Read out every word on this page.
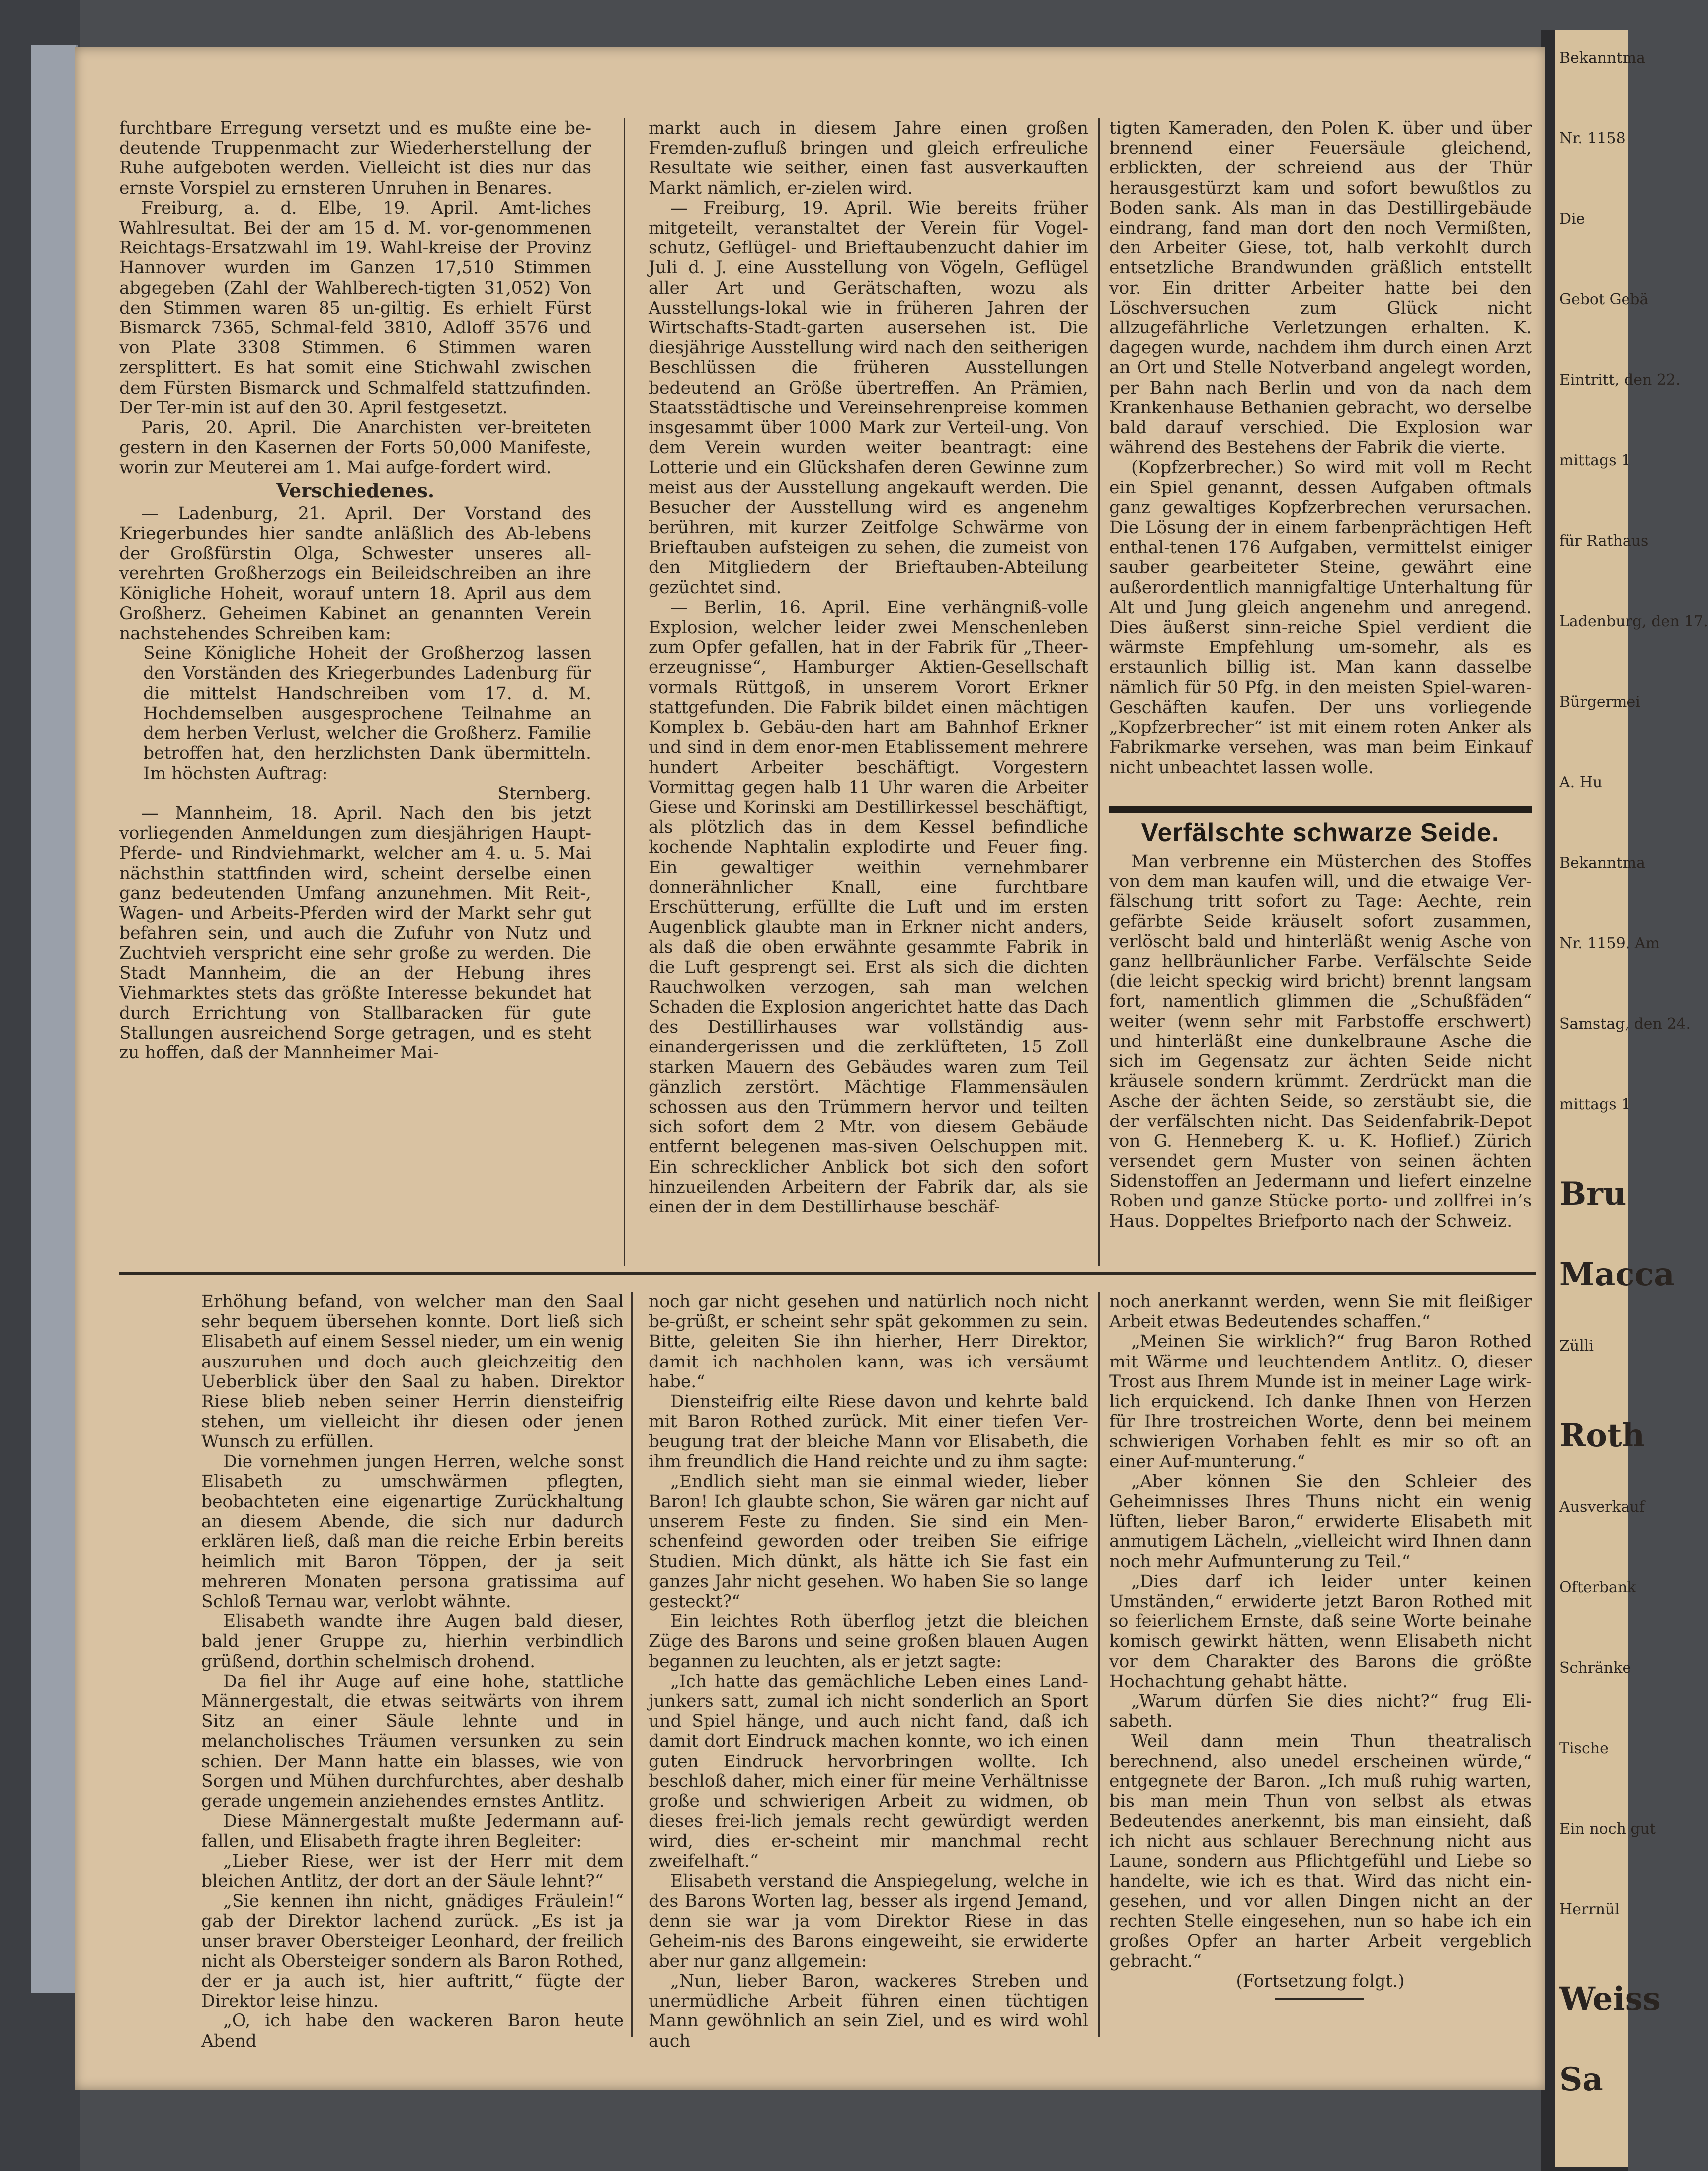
furchtbare Erregung versetzt und es mußte eine be-deutende Truppenmacht zur Wiederherstellung der Ruhe aufgeboten werden. Vielleicht ist dies nur das ernste Vorspiel zu ernsteren Unruhen in Benares.

Freiburg, a. d. Elbe, 19. April. Amt-liches Wahlresultat. Bei der am 15 d. M. vor-genommenen Reichtags-Ersatzwahl im 19. Wahl-kreise der Provinz Hannover wurden im Ganzen 17,510 Stimmen abgegeben (Zahl der Wahlberech-tigten 31,052) Von den Stimmen waren 85 un-giltig. Es erhielt Fürst Bismarck 7365, Schmal-feld 3810, Adloff 3576 und von Plate 3308 Stimmen. 6 Stimmen waren zersplittert. Es hat somit eine Stichwahl zwischen dem Fürsten Bismarck und Schmalfeld stattzufinden. Der Ter-min ist auf den 30. April festgesetzt.

Paris, 20. April. Die Anarchisten ver-breiteten gestern in den Kasernen der Forts 50,000 Manifeste, worin zur Meuterei am 1. Mai aufge-fordert wird.

Verschiedenes.

— Ladenburg, 21. April. Der Vorstand des Kriegerbundes hier sandte anläßlich des Ab-lebens der Großfürstin Olga, Schwester unseres all-verehrten Großherzogs ein Beileidschreiben an ihre Königliche Hoheit, worauf untern 18. April aus dem Großherz. Geheimen Kabinet an genannten Verein nachstehendes Schreiben kam:

Seine Königliche Hoheit der Großherzog lassen den Vorständen des Kriegerbundes Ladenburg für die mittelst Handschreiben vom 17. d. M. Hochdemselben ausgesprochene Teilnahme an dem herben Verlust, welcher die Großherz. Familie betroffen hat, den herzlichsten Dank übermitteln. Im höchsten Auftrag:

Sternberg.

— Mannheim, 18. April. Nach den bis jetzt vorliegenden Anmeldungen zum diesjährigen Haupt-Pferde- und Rindviehmarkt, welcher am 4. u. 5. Mai nächsthin stattfinden wird, scheint derselbe einen ganz bedeutenden Umfang anzunehmen. Mit Reit-, Wagen- und Arbeits-Pferden wird der Markt sehr gut befahren sein, und auch die Zufuhr von Nutz und Zuchtvieh verspricht eine sehr große zu werden. Die Stadt Mannheim, die an der Hebung ihres Viehmarktes stets das größte Interesse bekundet hat durch Errichtung von Stallbaracken für gute Stallungen ausreichend Sorge getragen, und es steht zu hoffen, daß der Mannheimer Mai-

markt auch in diesem Jahre einen großen Fremden-zufluß bringen und gleich erfreuliche Resultate wie seither, einen fast ausverkauften Markt nämlich, er-zielen wird.

— Freiburg, 19. April. Wie bereits früher mitgeteilt, veranstaltet der Verein für Vogel-schutz, Geflügel- und Brieftaubenzucht dahier im Juli d. J. eine Ausstellung von Vögeln, Geflügel aller Art und Gerätschaften, wozu als Ausstellungs-lokal wie in früheren Jahren der Wirtschafts-Stadt-garten ausersehen ist. Die diesjährige Ausstellung wird nach den seitherigen Beschlüssen die früheren Ausstellungen bedeutend an Größe übertreffen. An Prämien, Staatsstädtische und Vereinsehrenpreise kommen insgesammt über 1000 Mark zur Verteil-ung. Von dem Verein wurden weiter beantragt: eine Lotterie und ein Glückshafen deren Gewinne zum meist aus der Ausstellung angekauft werden. Die Besucher der Ausstellung wird es angenehm berühren, mit kurzer Zeitfolge Schwärme von Brieftauben aufsteigen zu sehen, die zumeist von den Mitgliedern der Brieftauben-Abteilung gezüchtet sind.

— Berlin, 16. April. Eine verhängniß-volle Explosion, welcher leider zwei Menschenleben zum Opfer gefallen, hat in der Fabrik für „Theer-erzeugnisse“, Hamburger Aktien-Gesellschaft vormals Rüttgoß, in unserem Vorort Erkner stattgefunden. Die Fabrik bildet einen mächtigen Komplex b. Gebäu-den hart am Bahnhof Erkner und sind in dem enor-men Etablissement mehrere hundert Arbeiter beschäftigt. Vorgestern Vormittag gegen halb 11 Uhr waren die Arbeiter Giese und Korinski am Destillirkessel beschäftigt, als plötzlich das in dem Kessel befindliche kochende Naphtalin explodirte und Feuer fing. Ein gewaltiger weithin vernehmbarer donnerähnlicher Knall, eine furchtbare Erschütterung, erfüllte die Luft und im ersten Augenblick glaubte man in Erkner nicht anders, als daß die oben erwähnte gesammte Fabrik in die Luft gesprengt sei. Erst als sich die dichten Rauchwolken verzogen, sah man welchen Schaden die Explosion angerichtet hatte das Dach des Destillirhauses war vollständig aus-einandergerissen und die zerklüfteten, 15 Zoll starken Mauern des Gebäudes waren zum Teil gänzlich zerstört. Mächtige Flammensäulen schossen aus den Trümmern hervor und teilten sich sofort dem 2 Mtr. von diesem Gebäude entfernt belegenen mas-siven Oelschuppen mit. Ein schrecklicher Anblick bot sich den sofort hinzueilenden Arbeitern der Fabrik dar, als sie einen der in dem Destillirhause beschäf-

tigten Kameraden, den Polen K. über und über brennend einer Feuersäule gleichend, erblickten, der schreiend aus der Thür herausgestürzt kam und sofort bewußtlos zu Boden sank. Als man in das Destillirgebäude eindrang, fand man dort den noch Vermißten, den Arbeiter Giese, tot, halb verkohlt durch entsetzliche Brandwunden gräßlich entstellt vor. Ein dritter Arbeiter hatte bei den Löschversuchen zum Glück nicht allzugefährliche Verletzungen erhalten. K. dagegen wurde, nachdem ihm durch einen Arzt an Ort und Stelle Notverband angelegt worden, per Bahn nach Berlin und von da nach dem Krankenhause Bethanien gebracht, wo derselbe bald darauf verschied. Die Explosion war während des Bestehens der Fabrik die vierte.

(Kopfzerbrecher.) So wird mit voll m Recht ein Spiel genannt, dessen Aufgaben oftmals ganz gewaltiges Kopfzerbrechen verursachen. Die Lösung der in einem farbenprächtigen Heft enthal-tenen 176 Aufgaben, vermittelst einiger sauber gearbeiteter Steine, gewährt eine außerordentlich mannigfaltige Unterhaltung für Alt und Jung gleich angenehm und anregend. Dies äußerst sinn-reiche Spiel verdient die wärmste Empfehlung um-somehr, als es erstaunlich billig ist. Man kann dasselbe nämlich für 50 Pfg. in den meisten Spiel-waren-Geschäften kaufen. Der uns vorliegende „Kopfzerbrecher“ ist mit einem roten Anker als Fabrikmarke versehen, was man beim Einkauf nicht unbeachtet lassen wolle.

Verfälschte schwarze Seide.

Man verbrenne ein Müsterchen des Stoffes von dem man kaufen will, und die etwaige Ver-fälschung tritt sofort zu Tage: Aechte, rein gefärbte Seide kräuselt sofort zusammen, verlöscht bald und hinterläßt wenig Asche von ganz hellbräunlicher Farbe. Verfälschte Seide (die leicht speckig wird bricht) brennt langsam fort, namentlich glimmen die „Schußfäden“ weiter (wenn sehr mit Farbstoffe erschwert) und hinterläßt eine dunkelbraune Asche die sich im Gegensatz zur ächten Seide nicht kräusele sondern krümmt. Zerdrückt man die Asche der ächten Seide, so zerstäubt sie, die der verfälschten nicht. Das Seidenfabrik-Depot von G. Henneberg K. u. K. Hoflief.) Zürich versendet gern Muster von seinen ächten Sidenstoffen an Jedermann und liefert einzelne Roben und ganze Stücke porto- und zollfrei in’s Haus. Doppeltes Briefporto nach der Schweiz.

Erhöhung befand, von welcher man den Saal sehr bequem übersehen konnte. Dort ließ sich Elisabeth auf einem Sessel nieder, um ein wenig auszuruhen und doch auch gleichzeitig den Ueberblick über den Saal zu haben. Direktor Riese blieb neben seiner Herrin diensteifrig stehen, um vielleicht ihr diesen oder jenen Wunsch zu erfüllen.

Die vornehmen jungen Herren, welche sonst Elisabeth zu umschwärmen pflegten, beobachteten eine eigenartige Zurückhaltung an diesem Abende, die sich nur dadurch erklären ließ, daß man die reiche Erbin bereits heimlich mit Baron Töppen, der ja seit mehreren Monaten persona gratissima auf Schloß Ternau war, verlobt wähnte.

Elisabeth wandte ihre Augen bald dieser, bald jener Gruppe zu, hierhin verbindlich grüßend, dorthin schelmisch drohend.

Da fiel ihr Auge auf eine hohe, stattliche Männergestalt, die etwas seitwärts von ihrem Sitz an einer Säule lehnte und in melancholisches Träumen versunken zu sein schien. Der Mann hatte ein blasses, wie von Sorgen und Mühen durchfurchtes, aber deshalb gerade ungemein anziehendes ernstes Antlitz.

Diese Männergestalt mußte Jedermann auf-fallen, und Elisabeth fragte ihren Begleiter:

„Lieber Riese, wer ist der Herr mit dem bleichen Antlitz, der dort an der Säule lehnt?“

„Sie kennen ihn nicht, gnädiges Fräulein!“ gab der Direktor lachend zurück. „Es ist ja unser braver Obersteiger Leonhard, der freilich nicht als Obersteiger sondern als Baron Rothed, der er ja auch ist, hier auftritt,“ fügte der Direktor leise hinzu.

„O, ich habe den wackeren Baron heute Abend

noch gar nicht gesehen und natürlich noch nicht be-grüßt, er scheint sehr spät gekommen zu sein. Bitte, geleiten Sie ihn hierher, Herr Direktor, damit ich nachholen kann, was ich versäumt habe.“

Diensteifrig eilte Riese davon und kehrte bald mit Baron Rothed zurück. Mit einer tiefen Ver-beugung trat der bleiche Mann vor Elisabeth, die ihm freundlich die Hand reichte und zu ihm sagte:

„Endlich sieht man sie einmal wieder, lieber Baron! Ich glaubte schon, Sie wären gar nicht auf unserem Feste zu finden. Sie sind ein Men-schenfeind geworden oder treiben Sie eifrige Studien. Mich dünkt, als hätte ich Sie fast ein ganzes Jahr nicht gesehen. Wo haben Sie so lange gesteckt?“

Ein leichtes Roth überflog jetzt die bleichen Züge des Barons und seine großen blauen Augen begannen zu leuchten, als er jetzt sagte:

„Ich hatte das gemächliche Leben eines Land-junkers satt, zumal ich nicht sonderlich an Sport und Spiel hänge, und auch nicht fand, daß ich damit dort Eindruck machen konnte, wo ich einen guten Eindruck hervorbringen wollte. Ich beschloß daher, mich einer für meine Verhältnisse große und schwierigen Arbeit zu widmen, ob dieses frei-lich jemals recht gewürdigt werden wird, dies er-scheint mir manchmal recht zweifelhaft.“

Elisabeth verstand die Anspiegelung, welche in des Barons Worten lag, besser als irgend Jemand, denn sie war ja vom Direktor Riese in das Geheim-nis des Barons eingeweiht, sie erwiderte aber nur ganz allgemein:

„Nun, lieber Baron, wackeres Streben und unermüdliche Arbeit führen einen tüchtigen Mann gewöhnlich an sein Ziel, und es wird wohl auch

noch anerkannt werden, wenn Sie mit fleißiger Arbeit etwas Bedeutendes schaffen.“

„Meinen Sie wirklich?“ frug Baron Rothed mit Wärme und leuchtendem Antlitz. O, dieser Trost aus Ihrem Munde ist in meiner Lage wirk-lich erquickend. Ich danke Ihnen von Herzen für Ihre trostreichen Worte, denn bei meinem schwierigen Vorhaben fehlt es mir so oft an einer Auf-munterung.“

„Aber können Sie den Schleier des Geheimnisses Ihres Thuns nicht ein wenig lüften, lieber Baron,“ erwiderte Elisabeth mit anmutigem Lächeln, „vielleicht wird Ihnen dann noch mehr Aufmunterung zu Teil.“

„Dies darf ich leider unter keinen Umständen,“ erwiderte jetzt Baron Rothed mit so feierlichem Ernste, daß seine Worte beinahe komisch gewirkt hätten, wenn Elisabeth nicht vor dem Charakter des Barons die größte Hochachtung gehabt hätte.

„Warum dürfen Sie dies nicht?“ frug Eli-sabeth.

Weil dann mein Thun theatralisch berechnend, also unedel erscheinen würde,“ entgegnete der Baron. „Ich muß ruhig warten, bis man mein Thun von selbst als etwas Bedeutendes anerkennt, bis man einsieht, daß ich nicht aus schlauer Berechnung nicht aus Laune, sondern aus Pflichtgefühl und Liebe so handelte, wie ich es that. Wird das nicht ein-gesehen, und vor allen Dingen nicht an der rechten Stelle eingesehen, nun so habe ich ein großes Opfer an harter Arbeit vergeblich gebracht.“

(Fortsetzung folgt.)

Bekanntma
Nr. 1158
Die
Gebot Gebä
Eintritt, den 22.
mittags 1
für Rathaus
Ladenburg, den 17.
Bürgermei
A. Hu
Bekanntma
Nr. 1159. Am
Samstag, den 24.
mittags 1
Bru
Macca
Zülli
Roth
Ausverkauf
Ofterbank
Schränke
Tische
Ein noch gut
Herrnül
Weiss
Sa
